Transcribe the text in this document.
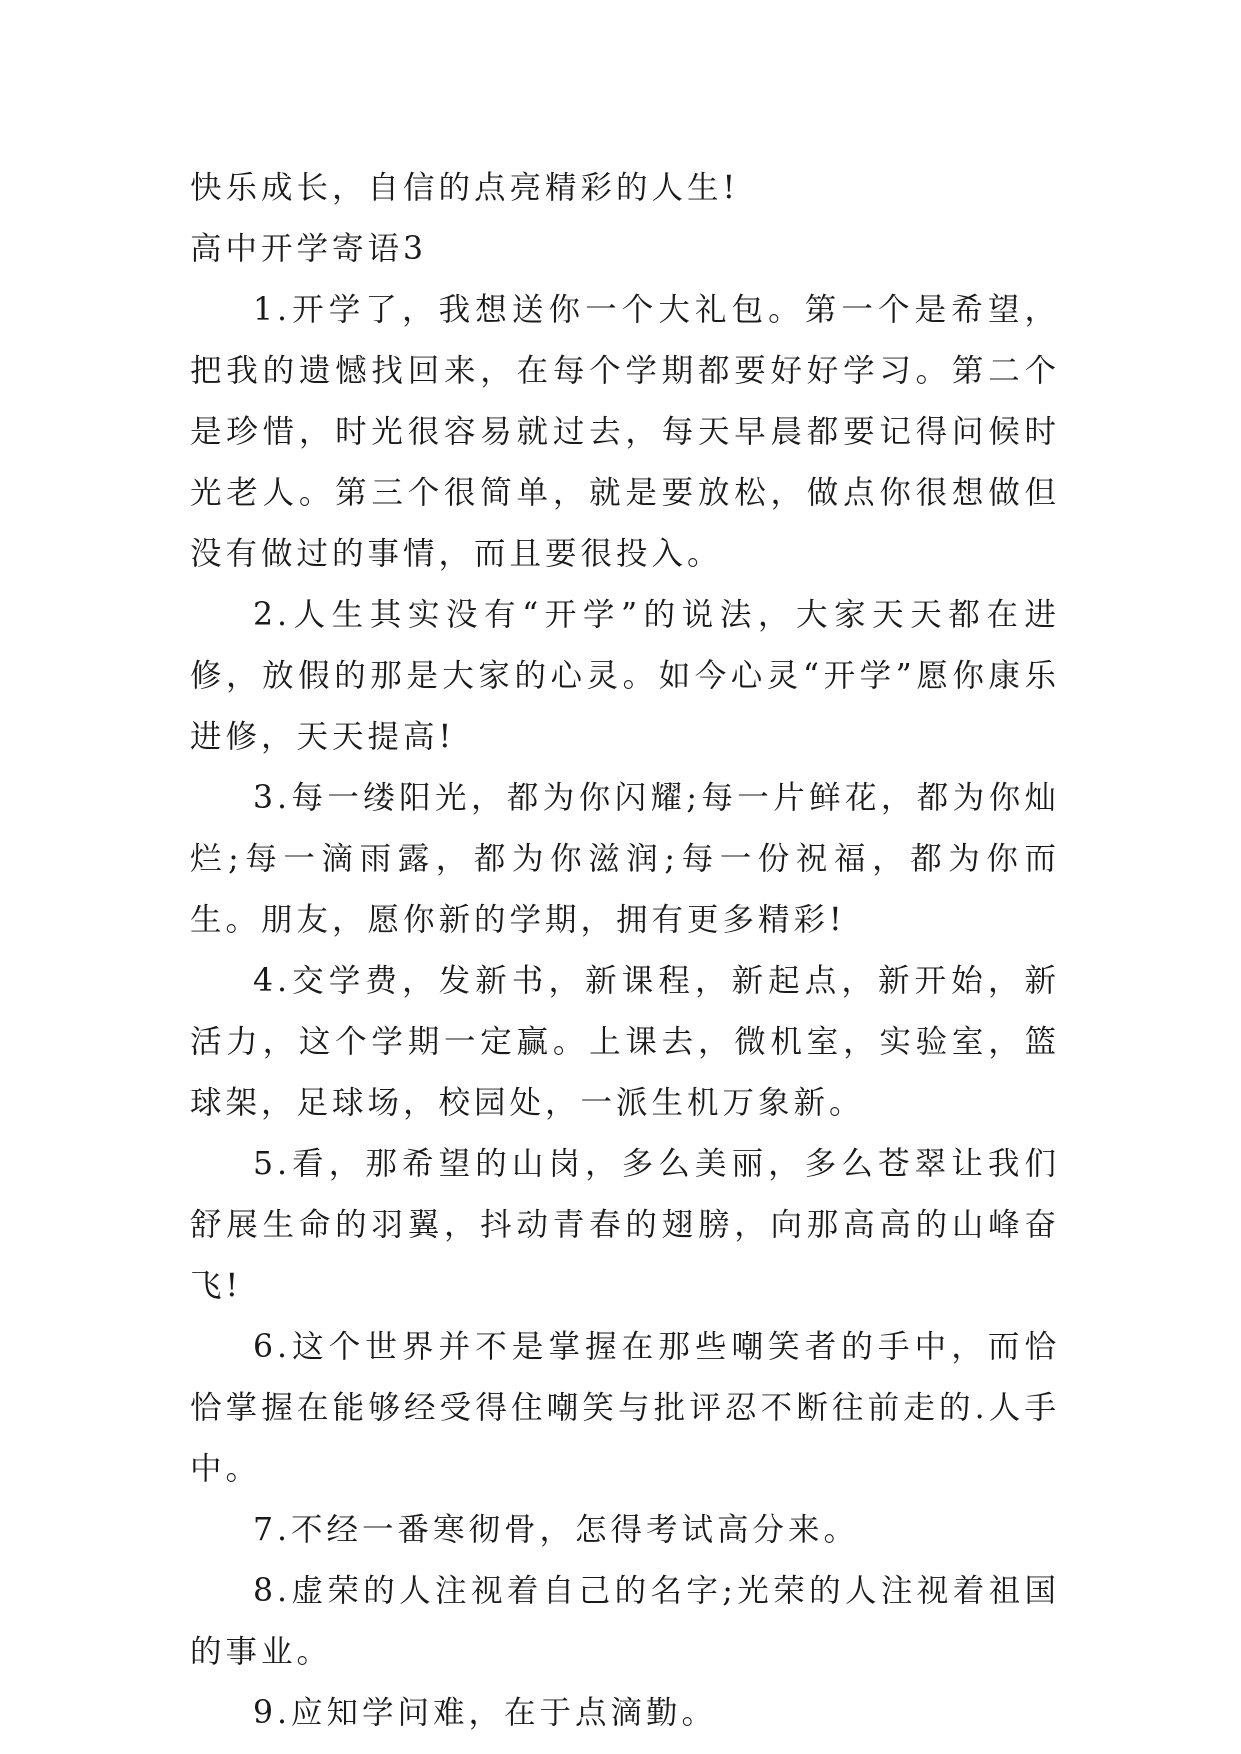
快乐成长，自信的点亮精彩的人生!

高中开学寄语3

1.开学了，我想送你一个大礼包。第一个是希望，把我的遗憾找回来，在每个学期都要好好学习。第二个是珍惜，时光很容易就过去，每天早晨都要记得问候时光老人。第三个很简单，就是要放松，做点你很想做但没有做过的事情，而且要很投入。

2.人生其实没有“开学”的说法，大家天天都在进修，放假的那是大家的心灵。如今心灵“开学”愿你康乐进修，天天提高!

3.每一缕阳光，都为你闪耀;每一片鲜花，都为你灿烂;每一滴雨露，都为你滋润;每一份祝福，都为你而生。朋友，愿你新的学期，拥有更多精彩!

4.交学费，发新书，新课程，新起点，新开始，新活力，这个学期一定赢。上课去，微机室，实验室，篮球架，足球场，校园处，一派生机万象新。

5.看，那希望的山岗，多么美丽，多么苍翠让我们舒展生命的羽翼，抖动青春的翅膀，向那高高的山峰奋飞!

6.这个世界并不是掌握在那些嘲笑者的手中，而恰恰掌握在能够经受得住嘲笑与批评忍不断往前走的.人手中。

7.不经一番寒彻骨，怎得考试高分来。

8.虚荣的人注视着自己的名字;光荣的人注视着祖国的事业。

9.应知学问难，在于点滴勤。
